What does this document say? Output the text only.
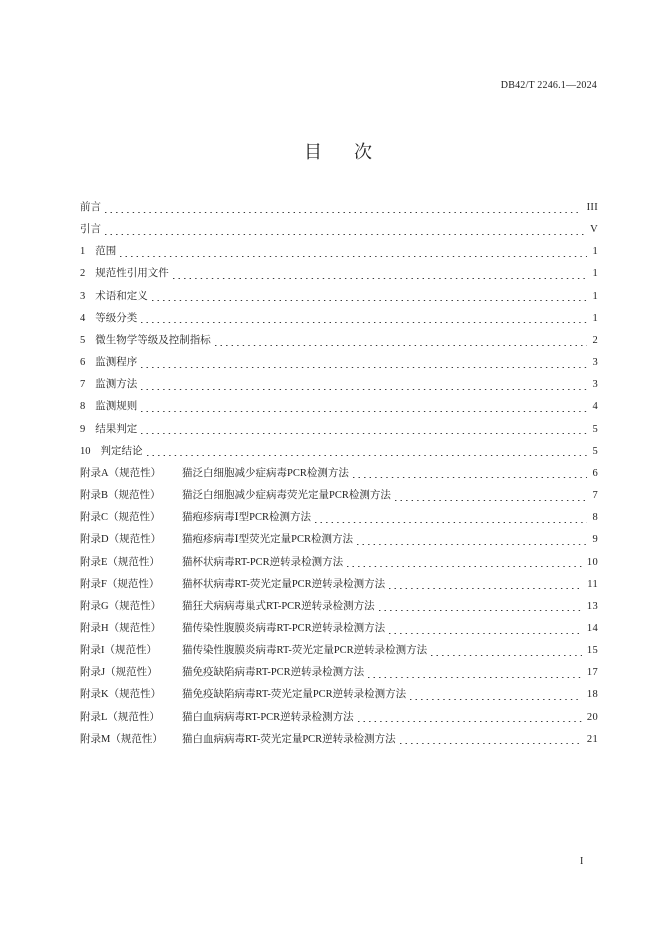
DB42/T 2246.1—2024
目次
前言	III
引言	V
1 范围	1
2 规范性引用文件	1
3 术语和定义	1
4 等级分类	1
5 微生物学等级及控制指标	2
6 监测程序	3
7 监测方法	3
8 监测规则	4
9 结果判定	5
10 判定结论	5
附录A（规范性）	猫泛白细胞减少症病毒PCR检测方法	6
附录B（规范性）	猫泛白细胞减少症病毒荧光定量PCR检测方法	7
附录C（规范性）	猫疱疹病毒Ⅰ型PCR检测方法	8
附录D（规范性）	猫疱疹病毒Ⅰ型荧光定量PCR检测方法	9
附录E（规范性）	猫杯状病毒RT-PCR逆转录检测方法	10
附录F（规范性）	猫杯状病毒RT-荧光定量PCR逆转录检测方法	11
附录G（规范性）	猫狂犬病病毒巢式RT-PCR逆转录检测方法	13
附录H（规范性）	猫传染性腹膜炎病毒RT-PCR逆转录检测方法	14
附录I（规范性）	猫传染性腹膜炎病毒RT-荧光定量PCR逆转录检测方法	15
附录J（规范性）	猫免疫缺陷病毒RT-PCR逆转录检测方法	17
附录K（规范性）	猫免疫缺陷病毒RT-荧光定量PCR逆转录检测方法	18
附录L（规范性）	猫白血病病毒RT-PCR逆转录检测方法	20
附录M（规范性）	猫白血病病毒RT-荧光定量PCR逆转录检测方法	21
I
